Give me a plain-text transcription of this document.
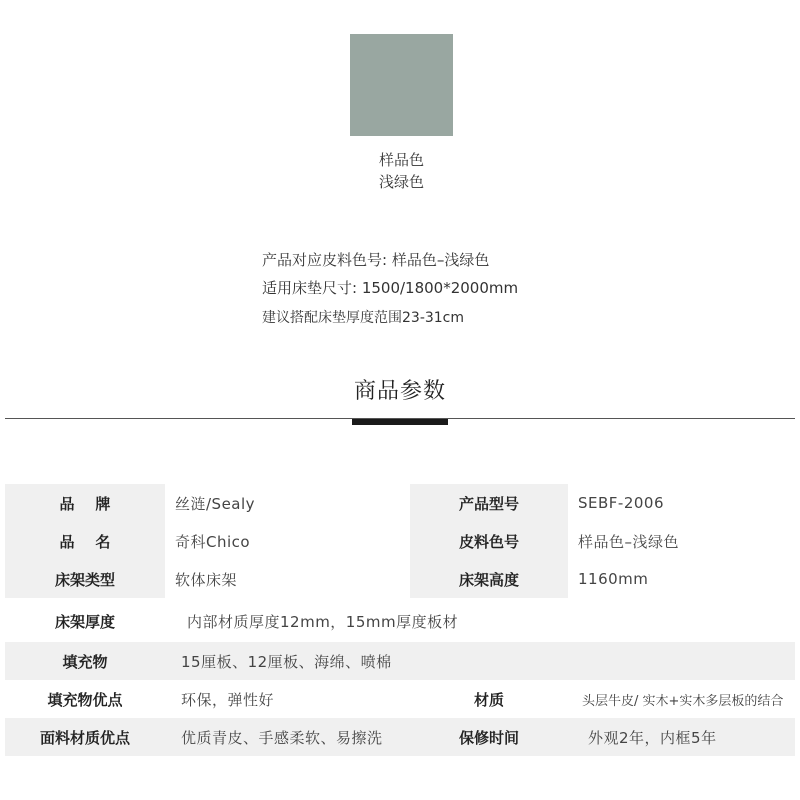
样品色
浅绿色
产品对应皮料色号: 样品色–浅绿色
适用床垫尺寸: 1500/1800*2000mm
建议搭配床垫厚度范围23-31cm
商品参数
品    牌	丝涟/Sealy	产品型号	SEBF-2006
品    名	奇科Chico	皮料色号	样品色–浅绿色
床架类型	软体床架	床架高度	1160mm
床架厚度	内部材质厚度12mm，15mm厚度板材
填充物	15厘板、12厘板、海绵、喷棉
填充物优点	环保，弹性好	材质	头层牛皮/ 实木+实木多层板的结合
面料材质优点	优质青皮、手感柔软、易擦洗	保修时间	外观2年，内框5年
